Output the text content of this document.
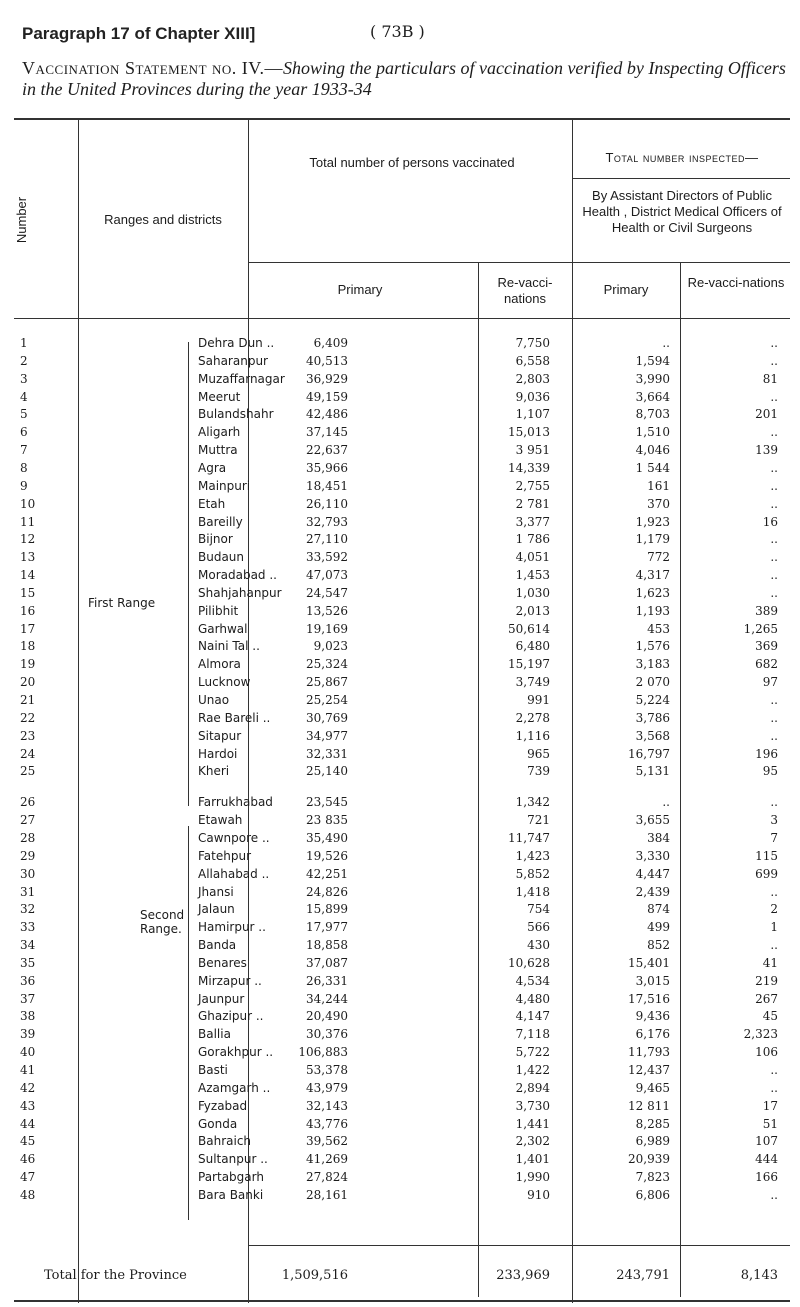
Paragraph 17 of Chapter XIII]	( 73B )
Vaccination Statement no. IV.—Showing the particulars of vaccination verified by Inspecting Officers in the United Provinces during the year 1933-34
Number	Ranges and districts
Total number of persons vaccinated
Primary	Re-vacci-nations
Total number inspected—
By Assistant Directors of Public Health , District Medical Officers of Health or Civil Surgeons
Primary	Re-vacci-nations
First Range
Second Range.
1	Dehra Dun ..	6,409	7,750	..	..
2	Saharanpur	40,513	6,558	1,594	..
3	Muzaffarnagar	36,929	2,803	3,990	81
4	Meerut	49,159	9,036	3,664	..
5	Bulandshahr	42,486	1,107	8,703	201
6	Aligarh	37,145	15,013	1,510	..
7	Muttra	22,637	3 951	4,046	139
8	Agra	35,966	14,339	1 544	..
9	Mainpuri	18,451	2,755	161	..
10	Etah	26,110	2 781	370	..
11	Bareilly	32,793	3,377	1,923	16
12	Bijnor	27,110	1 786	1,179	..
13	Budaun	33,592	4,051	772	..
14	Moradabad ..	47,073	1,453	4,317	..
15	Shahjahanpur	24,547	1,030	1,623	..
16	Pilibhit	13,526	2,013	1,193	389
17	Garhwal	19,169	50,614	453	1,265
18	Naini Tal ..	9,023	6,480	1,576	369
19	Almora	25,324	15,197	3,183	682
20	Lucknow	25,867	3,749	2 070	97
21	Unao	25,254	991	5,224	..
22	Rae Bareli ..	30,769	2,278	3,786	..
23	Sitapur	34,977	1,116	3,568	..
24	Hardoi	32,331	965	16,797	196
25	Kheri	25,140	739	5,131	95
26	Farrukhabad	23,545	1,342	..	..
27	Etawah	23 835	721	3,655	3
28	Cawnpore ..	35,490	11,747	384	7
29	Fatehpur	19,526	1,423	3,330	115
30	Allahabad ..	42,251	5,852	4,447	699
31	Jhansi	24,826	1,418	2,439	..
32	Jalaun	15,899	754	874	2
33	Hamirpur ..	17,977	566	499	1
34	Banda	18,858	430	852	..
35	Benares	37,087	10,628	15,401	41
36	Mirzapur ..	26,331	4,534	3,015	219
37	Jaunpur	34,244	4,480	17,516	267
38	Ghazipur ..	20,490	4,147	9,436	45
39	Ballia	30,376	7,118	6,176	2,323
40	Gorakhpur ..	106,883	5,722	11,793	106
41	Basti	53,378	1,422	12,437	..
42	Azamgarh ..	43,979	2,894	9,465	..
43	Fyzabad	32,143	3,730	12 811	17
44	Gonda	43,776	1,441	8,285	51
45	Bahraich	39,562	2,302	6,989	107
46	Sultanpur ..	41,269	1,401	20,939	444
47	Partabgarh	27,824	1,990	7,823	166
48	Bara Banki	28,161	910	6,806	..
Total for the Province	1,509,516	233,969	243,791	8,143
